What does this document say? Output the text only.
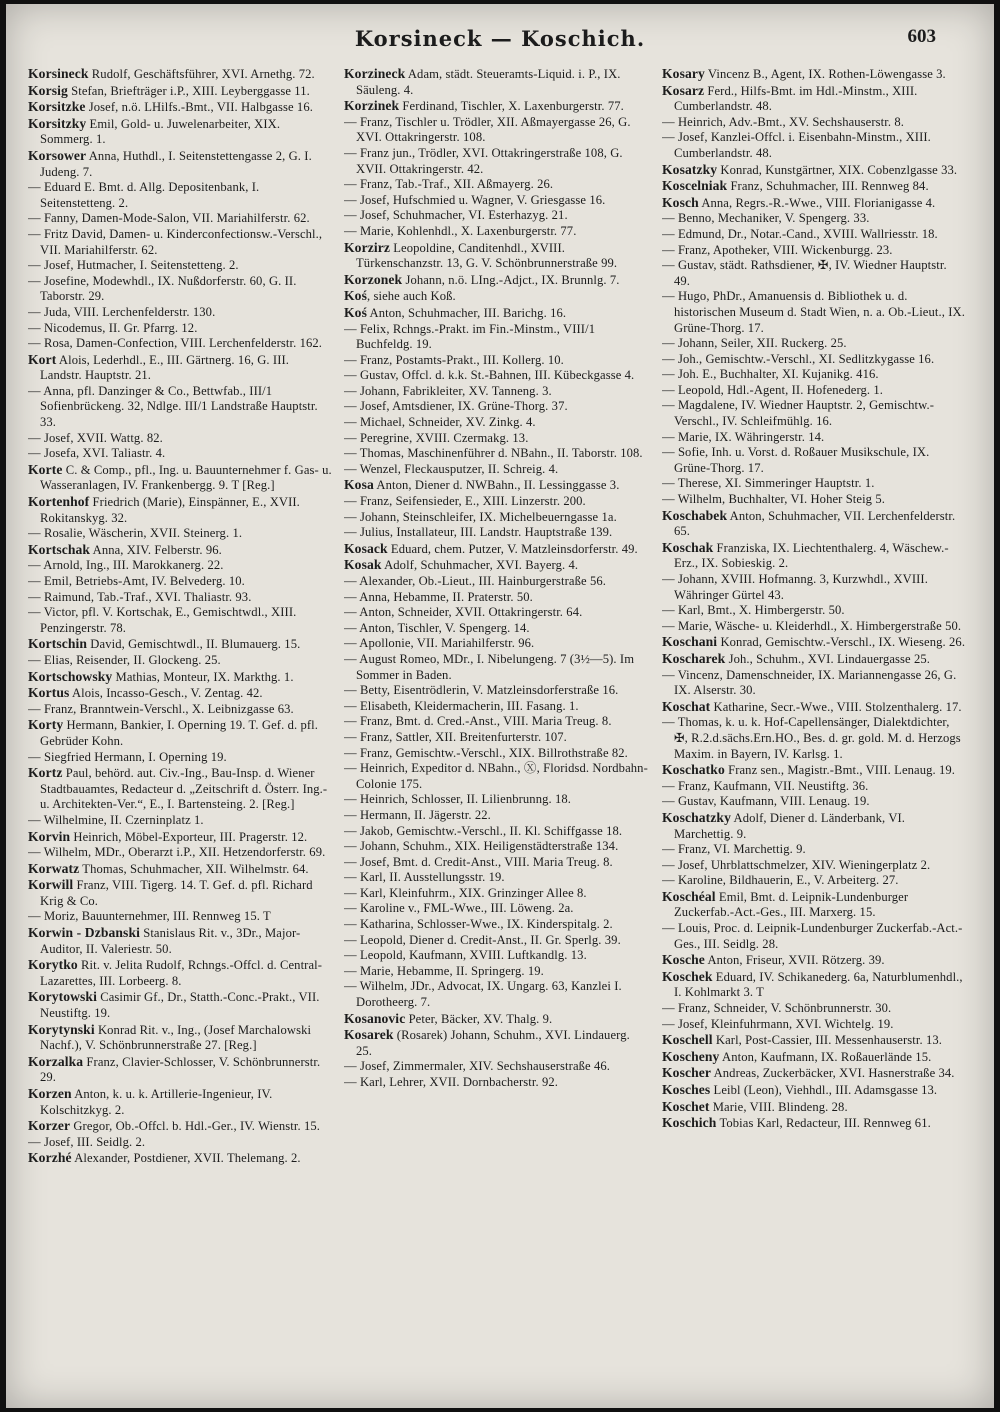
Korsineck — Koschich.	603

Korsineck Rudolf, Geschäftsführer, XVI. Arnethg. 72.

Korsig Stefan, Briefträger i.P., XIII. Leyberggasse 11.

Korsitzke Josef, n.ö. LHilfs.-Bmt., VII. Halbgasse 16.

Korsitzky Emil, Gold- u. Juwelenarbeiter, XIX. Sommerg. 1.

Korsower Anna, Huthdl., I. Seitenstettengasse 2, G. I. Judeng. 7.

— Eduard E. Bmt. d. Allg. Depositenbank, I. Seitenstetteng. 2.

— Fanny, Damen-Mode-Salon, VII. Mariahilferstr. 62.

— Fritz David, Damen- u. Kinderconfectionsw.-Verschl., VII. Mariahilferstr. 62.

— Josef, Hutmacher, I. Seitenstetteng. 2.

— Josefine, Modewhdl., IX. Nußdorferstr. 60, G. II. Taborstr. 29.

— Juda, VIII. Lerchenfelderstr. 130.

— Nicodemus, II. Gr. Pfarrg. 12.

— Rosa, Damen-Confection, VIII. Lerchenfelderstr. 162.

Kort Alois, Lederhdl., E., III. Gärtnerg. 16, G. III. Landstr. Hauptstr. 21.

— Anna, pfl. Danzinger & Co., Bettwfab., III/1 Sofienbrückeng. 32, Ndlge. III/1 Landstraße Hauptstr. 33.

— Josef, XVII. Wattg. 82.

— Josefa, XVI. Taliastr. 4.

Korte C. & Comp., pfl., Ing. u. Bauunternehmer f. Gas- u. Wasseranlagen, IV. Frankenbergg. 9. T [Reg.]

Kortenhof Friedrich (Marie), Einspänner, E., XVII. Rokitanskyg. 32.

— Rosalie, Wäscherin, XVII. Steinerg. 1.

Kortschak Anna, XIV. Felberstr. 96.

— Arnold, Ing., III. Marokkanerg. 22.

— Emil, Betriebs-Amt, IV. Belvederg. 10.

— Raimund, Tab.-Traf., XVI. Thaliastr. 93.

— Victor, pfl. V. Kortschak, E., Gemischtwdl., XIII. Penzingerstr. 78.

Kortschin David, Gemischtwdl., II. Blumauerg. 15.

— Elias, Reisender, II. Glockeng. 25.

Kortschowsky Mathias, Monteur, IX. Markthg. 1.

Kortus Alois, Incasso-Gesch., V. Zentag. 42.

— Franz, Branntwein-Verschl., X. Leibnizgasse 63.

Korty Hermann, Bankier, I. Operning 19. T. Gef. d. pfl. Gebrüder Kohn.

— Siegfried Hermann, I. Operning 19.

Kortz Paul, behörd. aut. Civ.-Ing., Bau-Insp. d. Wiener Stadtbauamtes, Redacteur d. „Zeitschrift d. Österr. Ing.- u. Architekten-Ver.“, E., I. Bartensteing. 2. [Reg.]

— Wilhelmine, II. Czerninplatz 1.

Korvin Heinrich, Möbel-Exporteur, III. Pragerstr. 12.

— Wilhelm, MDr., Oberarzt i.P., XII. Hetzendorferstr. 69.

Korwatz Thomas, Schuhmacher, XII. Wilhelmstr. 64.

Korwill Franz, VIII. Tigerg. 14. T. Gef. d. pfl. Richard Krig & Co.

— Moriz, Bauunternehmer, III. Rennweg 15. T

Korwin - Dzbanski Stanislaus Rit. v., 3Dr., Major-Auditor, II. Valeriestr. 50.

Korytko Rit. v. Jelita Rudolf, Rchngs.-Offcl. d. Central-Lazarettes, III. Lorbeerg. 8.

Korytowski Casimir Gf., Dr., Statth.-Conc.-Prakt., VII. Neustiftg. 19.

Korytynski Konrad Rit. v., Ing., (Josef Marchalowski Nachf.), V. Schönbrunnerstraße 27. [Reg.]

Korzalka Franz, Clavier-Schlosser, V. Schönbrunnerstr. 29.

Korzen Anton, k. u. k. Artillerie-Ingenieur, IV. Kolschitzkyg. 2.

Korzer Gregor, Ob.-Offcl. b. Hdl.-Ger., IV. Wienstr. 15.

— Josef, III. Seidlg. 2.

Korzhé Alexander, Postdiener, XVII. Thelemang. 2.

Korzineck Adam, städt. Steueramts-Liquid. i. P., IX. Säuleng. 4.

Korzinek Ferdinand, Tischler, X. Laxenburgerstr. 77.

— Franz, Tischler u. Trödler, XII. Aßmayergasse 26, G. XVI. Ottakringerstr. 108.

— Franz jun., Trödler, XVI. Ottakringerstraße 108, G. XVII. Ottakringerstr. 42.

— Franz, Tab.-Traf., XII. Aßmayerg. 26.

— Josef, Hufschmied u. Wagner, V. Griesgasse 16.

— Josef, Schuhmacher, VI. Esterhazyg. 21.

— Marie, Kohlenhdl., X. Laxenburgerstr. 77.

Korzirz Leopoldine, Canditenhdl., XVIII. Türkenschanzstr. 13, G. V. Schönbrunnerstraße 99.

Korzonek Johann, n.ö. LIng.-Adjct., IX. Brunnlg. 7.

Koś, siehe auch Koß.

Koś Anton, Schuhmacher, III. Barichg. 16.

— Felix, Rchngs.-Prakt. im Fin.-Minstm., VIII/1 Buchfeldg. 19.

— Franz, Postamts-Prakt., III. Kollerg. 10.

— Gustav, Offcl. d. k.k. St.-Bahnen, III. Kübeckgasse 4.

— Johann, Fabrikleiter, XV. Tanneng. 3.

— Josef, Amtsdiener, IX. Grüne-Thorg. 37.

— Michael, Schneider, XV. Zinkg. 4.

— Peregrine, XVIII. Czermakg. 13.

— Thomas, Maschinenführer d. NBahn., II. Taborstr. 108.

— Wenzel, Fleckausputzer, II. Schreig. 4.

Kosa Anton, Diener d. NWBahn., II. Lessinggasse 3.

— Franz, Seifensieder, E., XIII. Linzerstr. 200.

— Johann, Steinschleifer, IX. Michelbeuerngasse 1a.

— Julius, Installateur, III. Landstr. Hauptstraße 139.

Kosack Eduard, chem. Putzer, V. Matzleinsdorferstr. 49.

Kosak Adolf, Schuhmacher, XVI. Bayerg. 4.

— Alexander, Ob.-Lieut., III. Hainburgerstraße 56.

— Anna, Hebamme, II. Praterstr. 50.

— Anton, Schneider, XVII. Ottakringerstr. 64.

— Anton, Tischler, V. Spengerg. 14.

— Apollonie, VII. Mariahilferstr. 96.

— August Romeo, MDr., I. Nibelungeng. 7 (3½—5). Im Sommer in Baden.

— Betty, Eisentrödlerin, V. Matzleinsdorferstraße 16.

— Elisabeth, Kleidermacherin, III. Fasang. 1.

— Franz, Bmt. d. Cred.-Anst., VIII. Maria Treug. 8.

— Franz, Sattler, XII. Breitenfurterstr. 107.

— Franz, Gemischtw.-Verschl., XIX. Billrothstraße 82.

— Heinrich, Expeditor d. NBahn., Ⓧ, Floridsd. Nordbahn-Colonie 175.

— Heinrich, Schlosser, II. Lilienbrunng. 18.

— Hermann, II. Jägerstr. 22.

— Jakob, Gemischtw.-Verschl., II. Kl. Schiffgasse 18.

— Johann, Schuhm., XIX. Heiligenstädterstraße 134.

— Josef, Bmt. d. Credit-Anst., VIII. Maria Treug. 8.

— Karl, II. Ausstellungsstr. 19.

— Karl, Kleinfuhrm., XIX. Grinzinger Allee 8.

— Karoline v., FML-Wwe., III. Löweng. 2a.

— Katharina, Schlosser-Wwe., IX. Kinderspitalg. 2.

— Leopold, Diener d. Credit-Anst., II. Gr. Sperlg. 39.

— Leopold, Kaufmann, XVIII. Luftkandlg. 13.

— Marie, Hebamme, II. Springerg. 19.

— Wilhelm, JDr., Advocat, IX. Ungarg. 63, Kanzlei I. Dorotheerg. 7.

Kosanovic Peter, Bäcker, XV. Thalg. 9.

Kosarek (Rosarek) Johann, Schuhm., XVI. Lindauerg. 25.

— Josef, Zimmermaler, XIV. Sechshauserstraße 46.

— Karl, Lehrer, XVII. Dornbacherstr. 92.

Kosary Vincenz B., Agent, IX. Rothen-Löwengasse 3.

Kosarz Ferd., Hilfs-Bmt. im Hdl.-Minstm., XIII. Cumberlandstr. 48.

— Heinrich, Adv.-Bmt., XV. Sechshauserstr. 8.

— Josef, Kanzlei-Offcl. i. Eisenbahn-Minstm., XIII. Cumberlandstr. 48.

Kosatzky Konrad, Kunstgärtner, XIX. Cobenzlgasse 33.

Koscelniak Franz, Schuhmacher, III. Rennweg 84.

Kosch Anna, Regrs.-R.-Wwe., VIII. Florianigasse 4.

— Benno, Mechaniker, V. Spengerg. 33.

— Edmund, Dr., Notar.-Cand., XVIII. Wallriesstr. 18.

— Franz, Apotheker, VIII. Wickenburgg. 23.

— Gustav, städt. Rathsdiener, ✠, IV. Wiedner Hauptstr. 49.

— Hugo, PhDr., Amanuensis d. Bibliothek u. d. historischen Museum d. Stadt Wien, n. a. Ob.-Lieut., IX. Grüne-Thorg. 17.

— Johann, Seiler, XII. Ruckerg. 25.

— Joh., Gemischtw.-Verschl., XI. Sedlitzkygasse 16.

— Joh. E., Buchhalter, XI. Kujanikg. 416.

— Leopold, Hdl.-Agent, II. Hofenederg. 1.

— Magdalene, IV. Wiedner Hauptstr. 2, Gemischtw.-Verschl., IV. Schleifmühlg. 16.

— Marie, IX. Währingerstr. 14.

— Sofie, Inh. u. Vorst. d. Roßauer Musikschule, IX. Grüne-Thorg. 17.

— Therese, XI. Simmeringer Hauptstr. 1.

— Wilhelm, Buchhalter, VI. Hoher Steig 5.

Koschabek Anton, Schuhmacher, VII. Lerchenfelderstr. 65.

Koschak Franziska, IX. Liechtenthalerg. 4, Wäschew.-Erz., IX. Sobieskig. 2.

— Johann, XVIII. Hofmanng. 3, Kurzwhdl., XVIII. Währinger Gürtel 43.

— Karl, Bmt., X. Himbergerstr. 50.

— Marie, Wäsche- u. Kleiderhdl., X. Himbergerstraße 50.

Koschani Konrad, Gemischtw.-Verschl., IX. Wieseng. 26.

Koscharek Joh., Schuhm., XVI. Lindauergasse 25.

— Vincenz, Damenschneider, IX. Mariannengasse 26, G. IX. Alserstr. 30.

Koschat Katharine, Secr.-Wwe., VIII. Stolzenthalerg. 17.

— Thomas, k. u. k. Hof-Capellensänger, Dialektdichter, ✠, R.2.d.sächs.Ern.HO., Bes. d. gr. gold. M. d. Herzogs Maxim. in Bayern, IV. Karlsg. 1.

Koschatko Franz sen., Magistr.-Bmt., VIII. Lenaug. 19.

— Franz, Kaufmann, VII. Neustiftg. 36.

— Gustav, Kaufmann, VIII. Lenaug. 19.

Koschatzky Adolf, Diener d. Länderbank, VI. Marchettig. 9.

— Franz, VI. Marchettig. 9.

— Josef, Uhrblattschmelzer, XIV. Wieningerplatz 2.

— Karoline, Bildhauerin, E., V. Arbeiterg. 27.

Koschéal Emil, Bmt. d. Leipnik-Lundenburger Zuckerfab.-Act.-Ges., III. Marxerg. 15.

— Louis, Proc. d. Leipnik-Lundenburger Zuckerfab.-Act.-Ges., III. Seidlg. 28.

Kosche Anton, Friseur, XVII. Rötzerg. 39.

Koschek Eduard, IV. Schikanederg. 6a, Naturblumenhdl., I. Kohlmarkt 3. T

— Franz, Schneider, V. Schönbrunnerstr. 30.

— Josef, Kleinfuhrmann, XVI. Wichtelg. 19.

Koschell Karl, Post-Cassier, III. Messenhauserstr. 13.

Koscheny Anton, Kaufmann, IX. Roßauerlände 15.

Koscher Andreas, Zuckerbäcker, XVI. Hasnerstraße 34.

Kosches Leibl (Leon), Viehhdl., III. Adamsgasse 13.

Koschet Marie, VIII. Blindeng. 28.

Koschich Tobias Karl, Redacteur, III. Rennweg 61.
